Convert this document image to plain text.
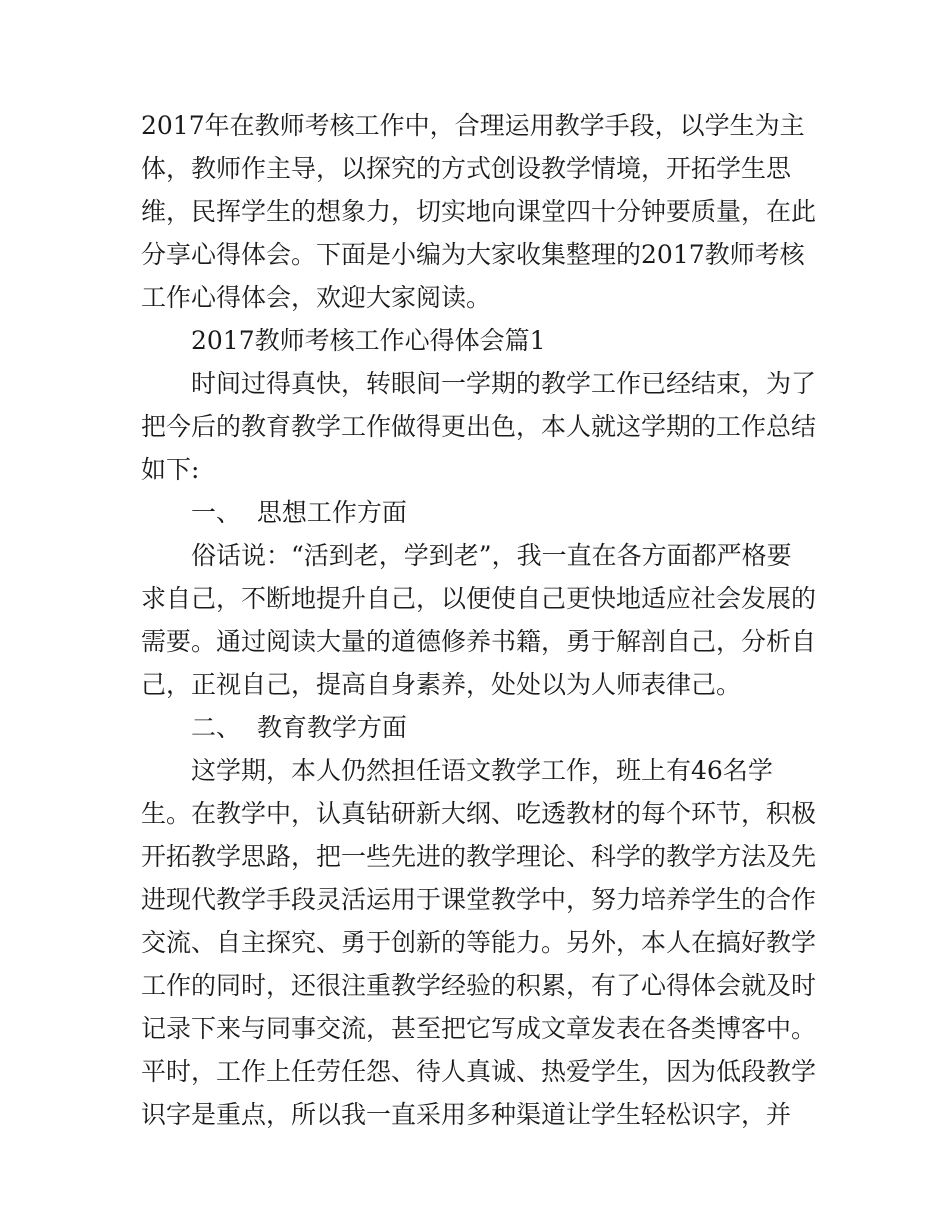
2017年在教师考核工作中，合理运用教学手段，以学生为主
体，教师作主导，以探究的方式创设教学情境，开拓学生思
维，民挥学生的想象力，切实地向课堂四十分钟要质量，在此
分享心得体会。下面是小编为大家收集整理的2017教师考核
工作心得体会，欢迎大家阅读。
2017教师考核工作心得体会篇1
时间过得真快，转眼间一学期的教学工作已经结束，为了
把今后的教育教学工作做得更出色，本人就这学期的工作总结
如下:
一、  思想工作方面
俗话说：“活到老，学到老”，我一直在各方面都严格要
求自己，不断地提升自己，以便使自己更快地适应社会发展的
需要。通过阅读大量的道德修养书籍，勇于解剖自己，分析自
己，正视自己，提高自身素养，处处以为人师表律己。
二、  教育教学方面
这学期，本人仍然担任语文教学工作，班上有46名学
生。在教学中，认真钻研新大纲、吃透教材的每个环节，积极
开拓教学思路，把一些先进的教学理论、科学的教学方法及先
进现代教学手段灵活运用于课堂教学中，努力培养学生的合作
交流、自主探究、勇于创新的等能力。另外，本人在搞好教学
工作的同时，还很注重教学经验的积累，有了心得体会就及时
记录下来与同事交流，甚至把它写成文章发表在各类博客中。
平时，工作上任劳任怨、待人真诚、热爱学生，因为低段教学
识字是重点，所以我一直采用多种渠道让学生轻松识字，并
